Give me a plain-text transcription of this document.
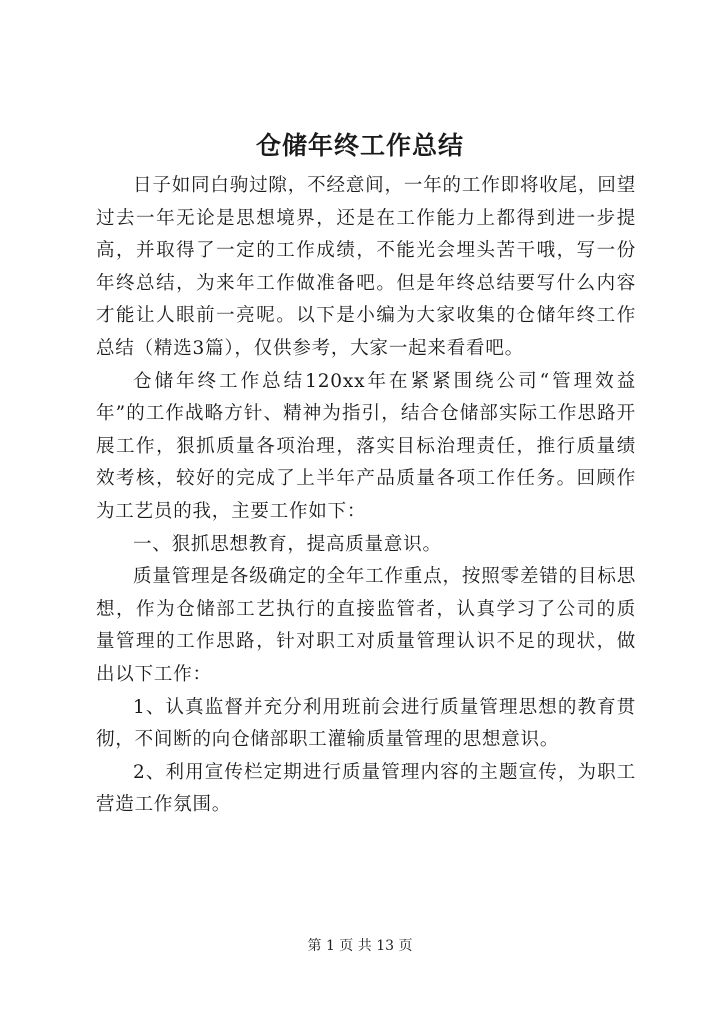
仓储年终工作总结

日子如同白驹过隙，不经意间，一年的工作即将收尾，回望过去一年无论是思想境界，还是在工作能力上都得到进一步提高，并取得了一定的工作成绩，不能光会埋头苦干哦，写一份年终总结，为来年工作做准备吧。但是年终总结要写什么内容才能让人眼前一亮呢。以下是小编为大家收集的仓储年终工作总结（精选3篇），仅供参考，大家一起来看看吧。

仓储年终工作总结120xx年在紧紧围绕公司“管理效益年”的工作战略方针、精神为指引，结合仓储部实际工作思路开展工作，狠抓质量各项治理，落实目标治理责任，推行质量绩效考核，较好的完成了上半年产品质量各项工作任务。回顾作为工艺员的我，主要工作如下：

一、狠抓思想教育，提高质量意识。

质量管理是各级确定的全年工作重点，按照零差错的目标思想，作为仓储部工艺执行的直接监管者，认真学习了公司的质量管理的工作思路，针对职工对质量管理认识不足的现状，做出以下工作：

1、认真监督并充分利用班前会进行质量管理思想的教育贯彻，不间断的向仓储部职工灌输质量管理的思想意识。

2、利用宣传栏定期进行质量管理内容的主题宣传，为职工营造工作氛围。

第 1 页 共 13 页
